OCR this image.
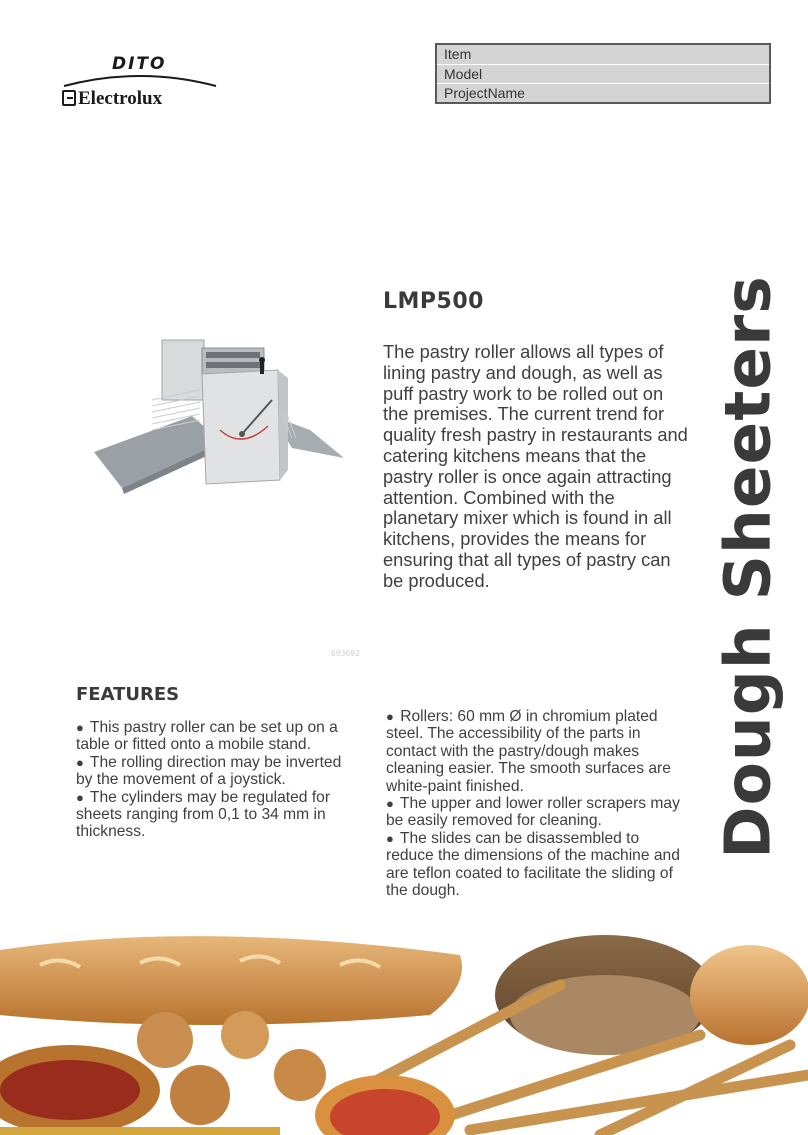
DITO
Electrolux
Item
Model
ProjectName
603692
LMP500
The pastry roller allows all types of lining pastry and dough, as well as puff pastry work to be rolled out on the premises. The current trend for quality fresh pastry in restaurants and catering kitchens means that the pastry roller is once again attracting attention. Combined with the planetary mixer which is found in all kitchens, provides the means for ensuring that all types of pastry can be produced.	Dough Sheeters
FEATURES
● This pastry roller can be set up on a table or fitted onto a mobile stand.
● The rolling direction may be inverted by the movement of a joystick.
● The cylinders may be regulated for sheets ranging from 0,1 to 34 mm in thickness.
● Rollers: 60 mm Ø in chromium plated steel. The accessibility of the parts in contact with the pastry/dough makes cleaning easier. The smooth surfaces are white-paint finished.
● The upper and lower roller scrapers may be easily removed for cleaning.
● The slides can be disassembled to reduce the dimensions of the machine and are teflon coated to facilitate the sliding of the dough.
